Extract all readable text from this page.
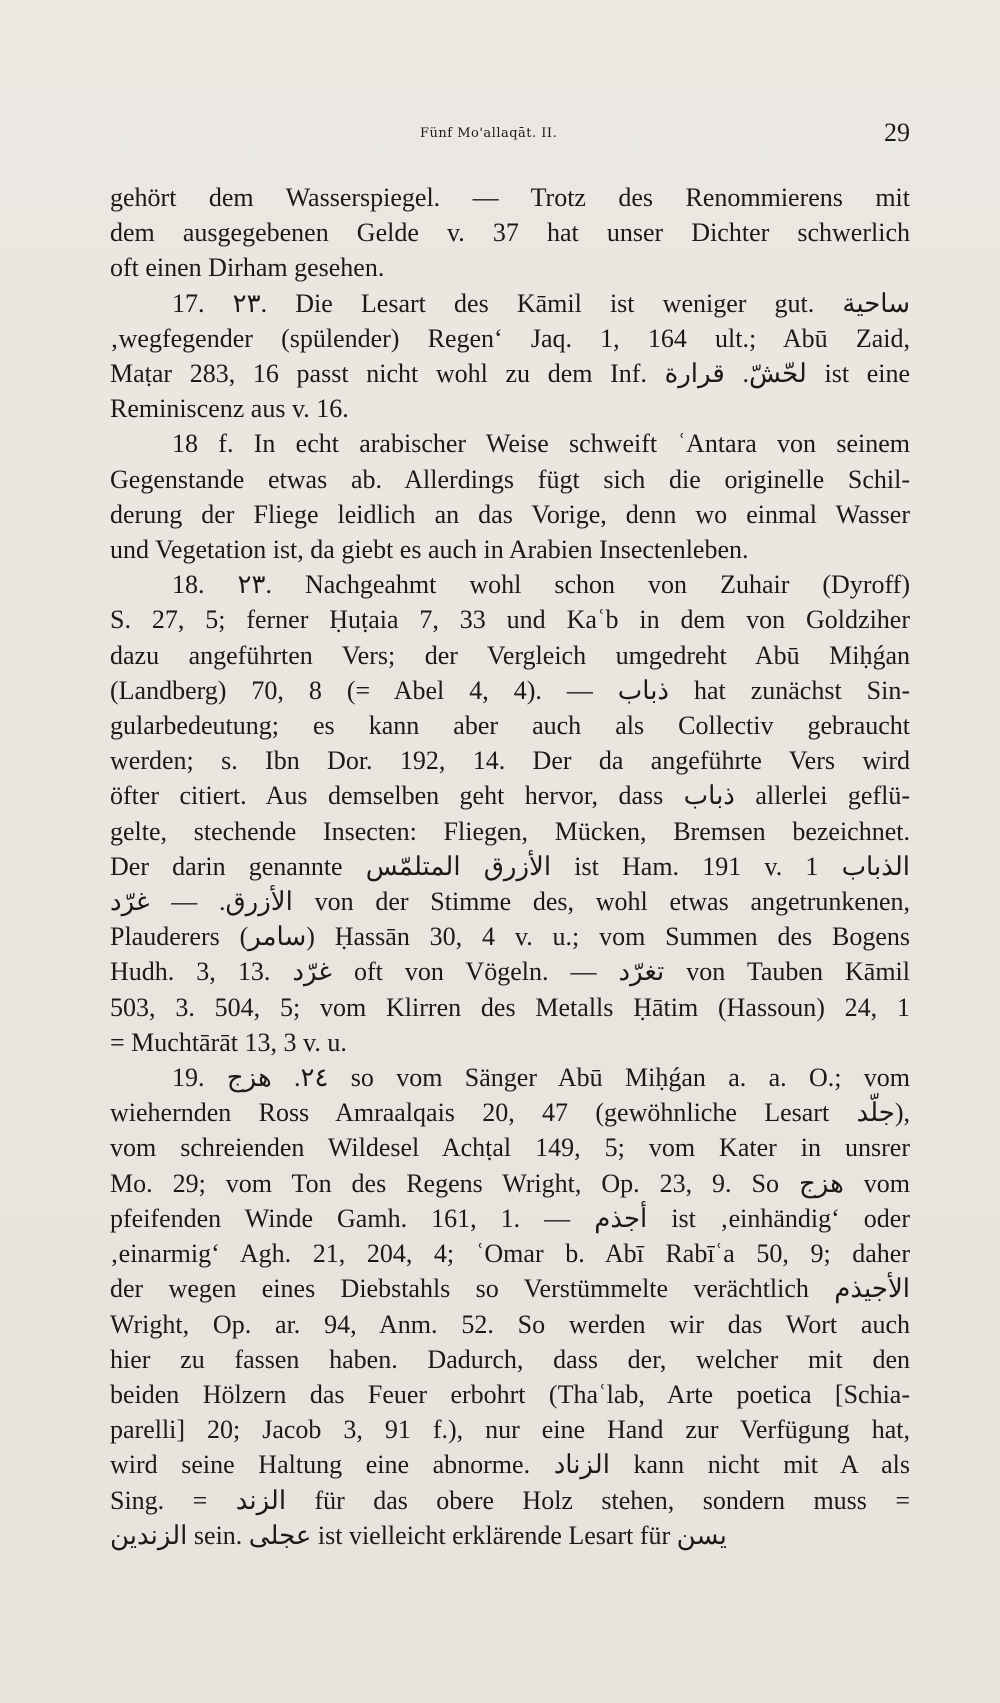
Fünf Mo'allaqāt. II.	29
gehört dem Wasserspiegel. — Trotz des Renommierens mit
dem ausgegebenen Gelde v. 37 hat unser Dichter schwerlich
oft einen Dirham gesehen.
17. ٢٣. Die Lesart des Kāmil ist weniger gut. ساحية
‚wegfegender (spülender) Regen‘ Jaq. 1, 164 ult.; Abū Zaid,
Maṭar 283, 16 passt nicht wohl zu dem Inf. لحّشّ. قرارة ist eine
Reminiscenz aus v. 16.
18 f. In echt arabischer Weise schweift ʿAntara von seinem
Gegenstande etwas ab. Allerdings fügt sich die originelle Schil-
derung der Fliege leidlich an das Vorige, denn wo einmal Wasser
und Vegetation ist, da giebt es auch in Arabien Insectenleben.
18. ٢٣. Nachgeahmt wohl schon von Zuhair (Dyroff)
S. 27, 5; ferner Ḥuṭaia 7, 33 und Kaʿb in dem von Goldziher
dazu angeführten Vers; der Vergleich umgedreht Abū Miḥǵan
(Landberg) 70, 8 (= Abel 4, 4). — ذباب hat zunächst Sin-
gularbedeutung; es kann aber auch als Collectiv gebraucht
werden; s. Ibn Dor. 192, 14. Der da angeführte Vers wird
öfter citiert. Aus demselben geht hervor, dass ذباب allerlei geflü-
gelte, stechende Insecten: Fliegen, Mücken, Bremsen bezeichnet.
Der darin genannte الأزرق المتلمّس ist Ham. 191 v. 1 الذباب
الأزرق. — غرّد von der Stimme des, wohl etwas angetrunkenen,
Plauderers (سامر) Ḥassān 30, 4 v. u.; vom Summen des Bogens
Hudh. 3, 13. غرّد oft von Vögeln. — تغرّد von Tauben Kāmil
503, 3. 504, 5; vom Klirren des Metalls Ḥātim (Hassoun) 24, 1
= Muchtārāt 13, 3 v. u.
19. ٢٤. هزج so vom Sänger Abū Miḥǵan a. a. O.; vom
wiehernden Ross Amraalqais 20, 47 (gewöhnliche Lesart جلّد),
vom schreienden Wildesel Achṭal 149, 5; vom Kater in unsrer
Mo. 29; vom Ton des Regens Wright, Op. 23, 9. So هزج vom
pfeifenden Winde Gamh. 161, 1. — أجذم ist ‚einhändig‘ oder
‚einarmig‘ Agh. 21, 204, 4; ʿOmar b. Abī Rabīʿa 50, 9; daher
der wegen eines Diebstahls so Verstümmelte verächtlich الأجيذم
Wright, Op. ar. 94, Anm. 52. So werden wir das Wort auch
hier zu fassen haben. Dadurch, dass der, welcher mit den
beiden Hölzern das Feuer erbohrt (Thaʿlab, Arte poetica [Schia-
parelli] 20; Jacob 3, 91 f.), nur eine Hand zur Verfügung hat,
wird seine Haltung eine abnorme. الزناد kann nicht mit A als
Sing. = الزند für das obere Holz stehen, sondern muss =
الزندين sein. عجلى ist vielleicht erklärende Lesart für يسن
